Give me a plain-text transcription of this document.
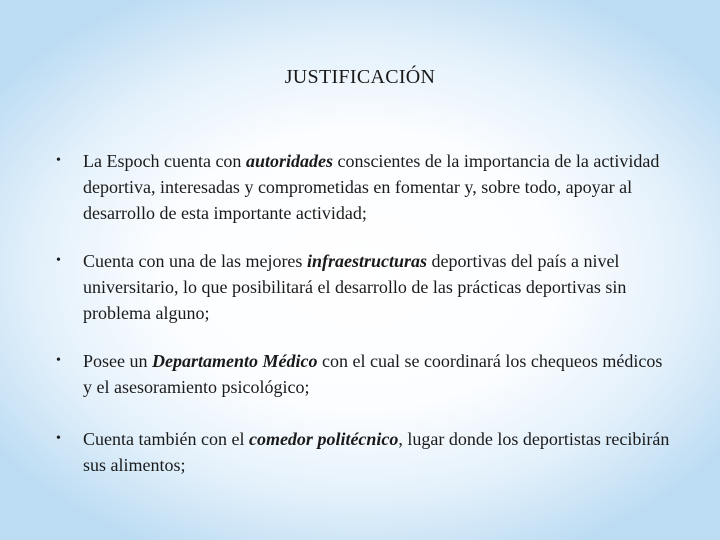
JUSTIFICACIÓN
• La Espoch cuenta con autoridades conscientes de la importancia de la actividad deportiva, interesadas y comprometidas en fomentar y, sobre todo, apoyar al desarrollo de esta importante actividad;
• Cuenta con una de las mejores infraestructuras deportivas del país a nivel universitario, lo que posibilitará el desarrollo de las prácticas deportivas sin problema alguno;
• Posee un Departamento Médico con el cual se coordinará los chequeos médicos y el asesoramiento psicológico;
• Cuenta también con el comedor politécnico, lugar donde los deportistas recibirán sus alimentos;
